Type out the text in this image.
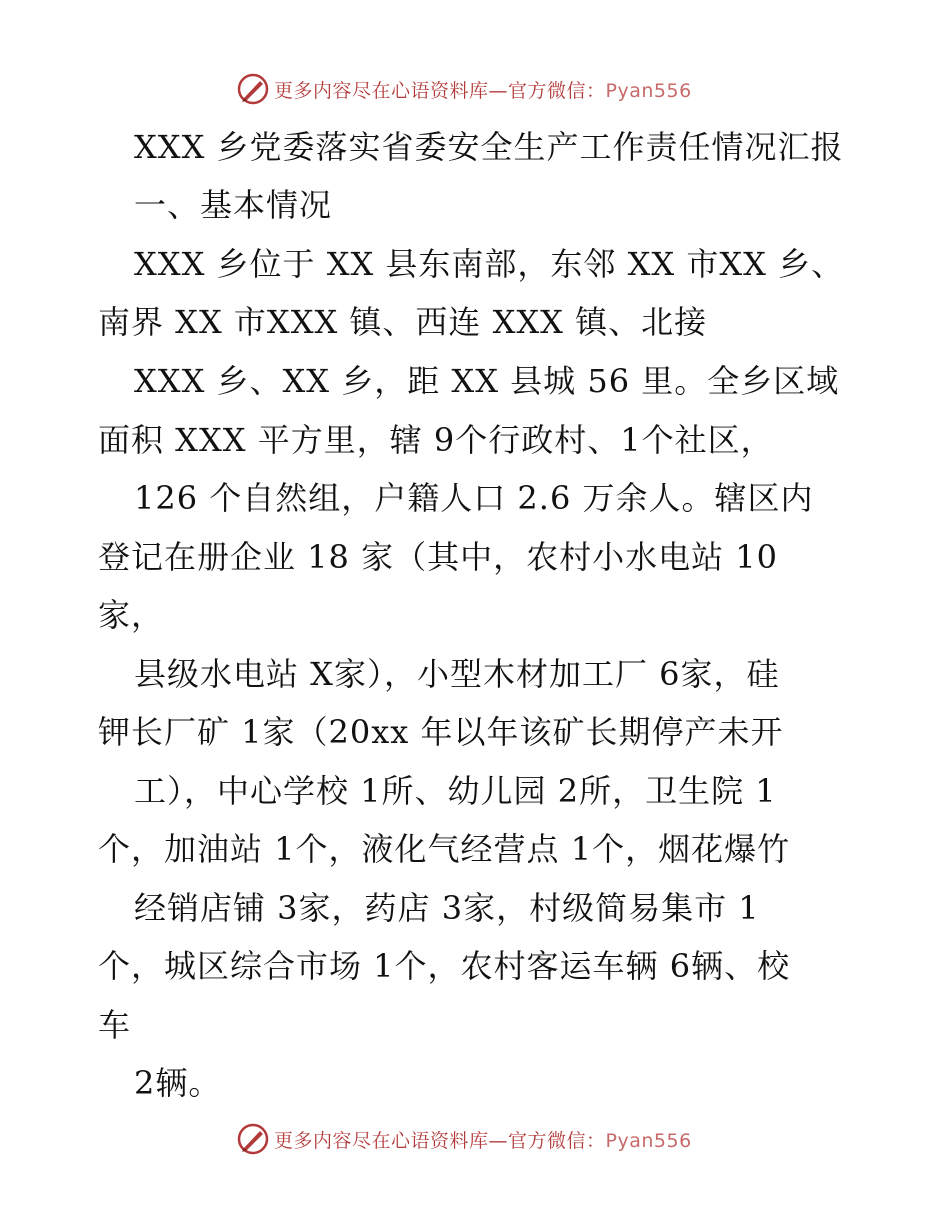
更多内容尽在心语资料库—官方微信：Pyan556
XXX 乡党委落实省委安全生产工作责任情况汇报
一、基本情况
XXX 乡位于 XX 县东南部，东邻 XX 市XX 乡、
南界 XX 市XXX 镇、西连 XXX 镇、北接
XXX 乡、XX 乡，距 XX 县城 56 里。全乡区域
面积 XXX 平方里，辖 9个行政村、1个社区，
126 个自然组，户籍人口 2.6 万余人。辖区内
登记在册企业 18 家（其中，农村小水电站 10
家，
县级水电站 X家），小型木材加工厂 6家，硅
钾长厂矿 1家（20xx 年以年该矿长期停产未开
工），中心学校 1所、幼儿园 2所，卫生院 1
个，加油站 1个，液化气经营点 1个，烟花爆竹
经销店铺 3家，药店 3家，村级简易集市 1
个，城区综合市场 1个，农村客运车辆 6辆、校
车
2辆。
更多内容尽在心语资料库—官方微信：Pyan556
